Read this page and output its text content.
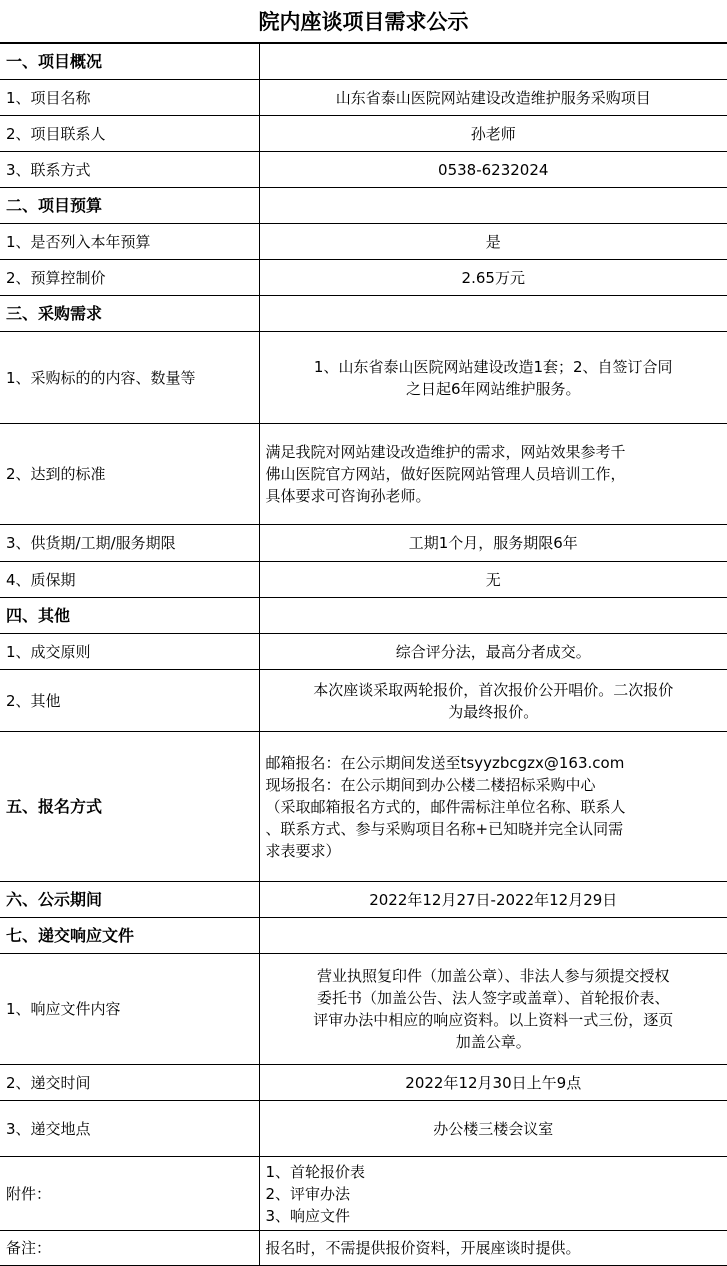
院内座谈项目需求公示
一、项目概况	
1、项目名称	山东省泰山医院网站建设改造维护服务采购项目
2、项目联系人	孙老师
3、联系方式	0538-6232024
二、项目预算	
1、是否列入本年预算	是
2、预算控制价	2.65万元
三、采购需求	
1、采购标的的内容、数量等	1、山东省泰山医院网站建设改造1套；2、自签订合同
之日起6年网站维护服务。

2、达到的标准	满足我院对网站建设改造维护的需求，网站效果参考千
佛山医院官方网站，做好医院网站管理人员培训工作，
具体要求可咨询孙老师。

3、供货期/工期/服务期限	工期1个月，服务期限6年
4、质保期	无
四、其他	
1、成交原则	综合评分法，最高分者成交。
2、其他	本次座谈采取两轮报价，首次报价公开唱价。二次报价
为最终报价。

五、报名方式	邮箱报名：在公示期间发送至tsyyzbcgzx@163.com
现场报名：在公示期间到办公楼二楼招标采购中心
（采取邮箱报名方式的，邮件需标注单位名称、联系人
、联系方式、参与采购项目名称+已知晓并完全认同需
求表要求）

六、公示期间	2022年12月27日-2022年12月29日
七、递交响应文件	
1、响应文件内容	营业执照复印件（加盖公章）、非法人参与须提交授权
委托书（加盖公告、法人签字或盖章）、首轮报价表、
评审办法中相应的响应资料。以上资料一式三份，逐页
加盖公章。

2、递交时间	2022年12月30日上午9点
3、递交地点	办公楼三楼会议室
附件：	1、首轮报价表
2、评审办法
3、响应文件

备注：	报名时，不需提供报价资料，开展座谈时提供。
